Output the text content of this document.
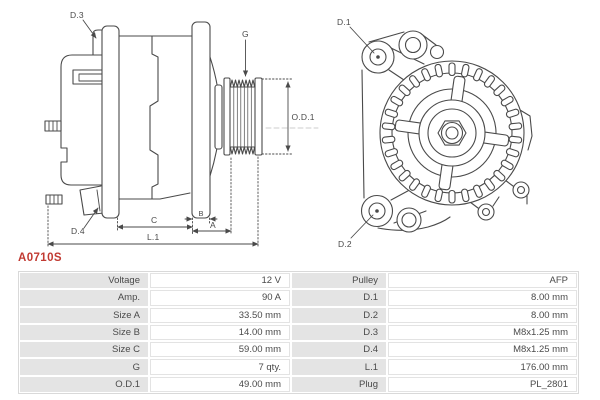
D.3
G
O.D.1
D.4
C
B
A
L.1
D.1
D.2
A0710S
Voltage	12 V	Pulley	AFP
Amp.	90 A	D.1	8.00 mm
Size A	33.50 mm	D.2	8.00 mm
Size B	14.00 mm	D.3	M8x1.25 mm
Size C	59.00 mm	D.4	M8x1.25 mm
G	7 qty.	L.1	176.00 mm
O.D.1	49.00 mm	Plug	PL_2801
